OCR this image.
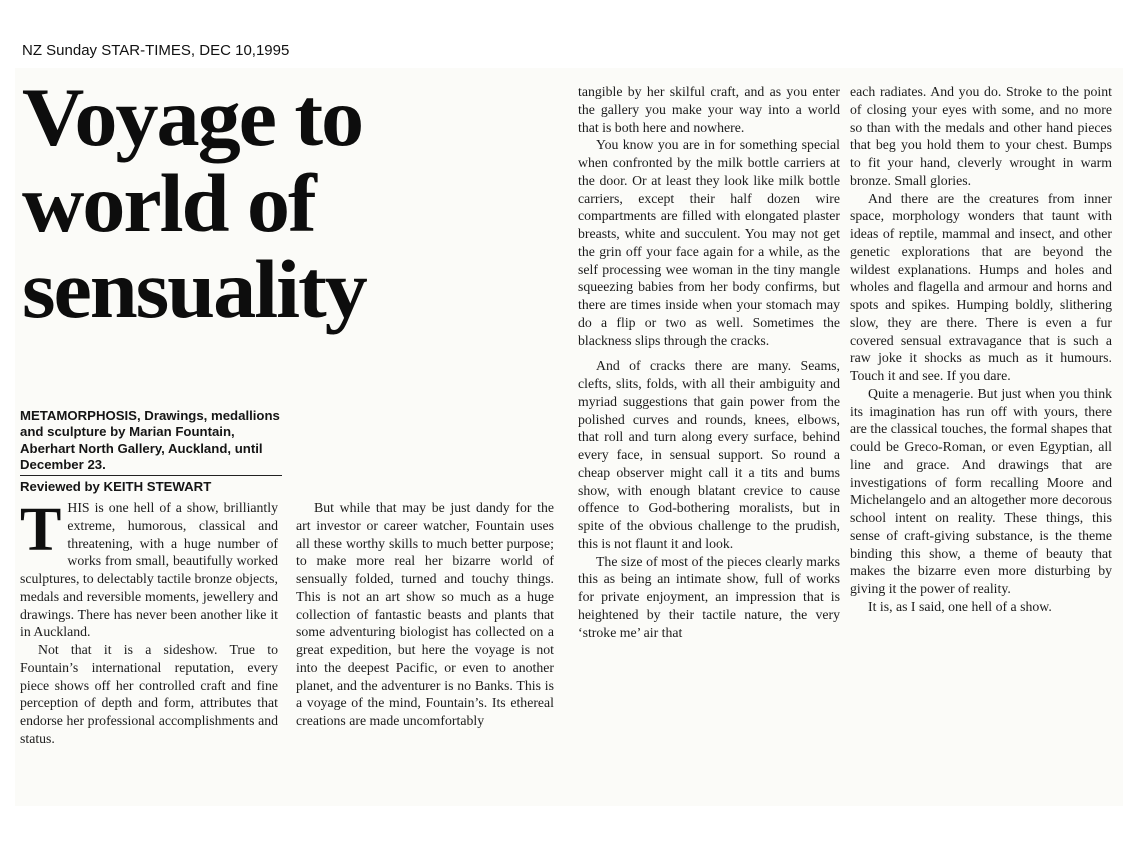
NZ Sunday STAR-TIMES, DEC 10,1995
Voyage to
world of
sensuality
METAMORPHOSIS, Drawings, medallions and sculpture by Marian Fountain, Aberhart North Gallery, Auckland, until December 23.
Reviewed by KEITH STEWART

THIS is one hell of a show, brilliantly extreme, humorous, classical and threatening, with a huge number of works from small, beautifully worked sculptures, to delectably tactile bronze objects, medals and reversible moments, jewellery and drawings. There has never been another like it in Auckland.

Not that it is a sideshow. True to Fountain’s international reputation, every piece shows off her controlled craft and fine perception of depth and form, attributes that endorse her professional accomplishments and status.

But while that may be just dandy for the art investor or career watcher, Fountain uses all these worthy skills to much better purpose; to make more real her bizarre world of sensually folded, turned and touchy things. This is not an art show so much as a huge collection of fantastic beasts and plants that some adventuring biologist has collected on a great expedition, but here the voyage is not into the deepest Pacific, or even to another planet, and the adventurer is no Banks. This is a voyage of the mind, Fountain’s. Its ethereal creations are made uncomfortably

tangible by her skilful craft, and as you enter the gallery you make your way into a world that is both here and nowhere.

You know you are in for something special when confronted by the milk bottle carriers at the door. Or at least they look like milk bottle carriers, except their half dozen wire compartments are filled with elongated plaster breasts, white and succulent. You may not get the grin off your face again for a while, as the self processing wee woman in the tiny mangle squeezing babies from her body confirms, but there are times inside when your stomach may do a flip or two as well. Sometimes the blackness slips through the cracks.

And of cracks there are many. Seams, clefts, slits, folds, with all their ambiguity and myriad suggestions that gain power from the polished curves and rounds, knees, elbows, that roll and turn along every surface, behind every face, in sensual support. So round a cheap observer might call it a tits and bums show, with enough blatant crevice to cause offence to God-bothering moralists, but in spite of the obvious challenge to the prudish, this is not flaunt it and look.

The size of most of the pieces clearly marks this as being an intimate show, full of works for private enjoyment, an impression that is heightened by their tactile nature, the very ‘stroke me’ air that

each radiates. And you do. Stroke to the point of closing your eyes with some, and no more so than with the medals and other hand pieces that beg you hold them to your chest. Bumps to fit your hand, cleverly wrought in warm bronze. Small glories.

And there are the creatures from inner space, morphology wonders that taunt with ideas of reptile, mammal and insect, and other genetic explorations that are beyond the wildest explanations. Humps and holes and wholes and flagella and armour and horns and spots and spikes. Humping boldly, slithering slow, they are there. There is even a fur covered sensual extravagance that is such a raw joke it shocks as much as it humours. Touch it and see. If you dare.

Quite a menagerie. But just when you think its imagination has run off with yours, there are the classical touches, the formal shapes that could be Greco-Roman, or even Egyptian, all line and grace. And drawings that are investigations of form recalling Moore and Michelangelo and an altogether more decorous school intent on reality. These things, this sense of craft-giving substance, is the theme binding this show, a theme of beauty that makes the bizarre even more disturbing by giving it the power of reality.

It is, as I said, one hell of a show.
